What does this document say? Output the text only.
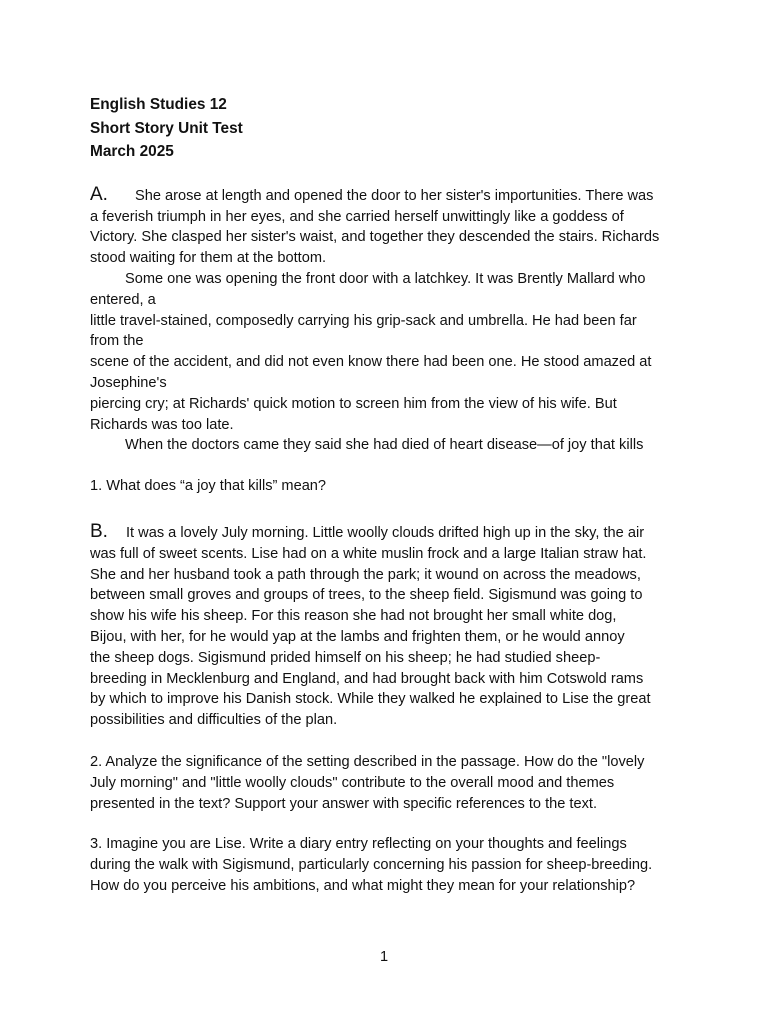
English Studies 12
Short Story Unit Test
March 2025
A. She arose at length and opened the door to her sister's importunities. There was
a feverish triumph in her eyes, and she carried herself unwittingly like a goddess of
Victory. She clasped her sister's waist, and together they descended the stairs. Richards
stood waiting for them at the bottom.
Some one was opening the front door with a latchkey. It was Brently Mallard who
entered, a
little travel-stained, composedly carrying his grip-sack and umbrella. He had been far
from the
scene of the accident, and did not even know there had been one. He stood amazed at
Josephine's
piercing cry; at Richards' quick motion to screen him from the view of his wife. But
Richards was too late.
When the doctors came they said she had died of heart disease—of joy that kills
1. What does “a joy that kills” mean?
B. It was a lovely July morning. Little woolly clouds drifted high up in the sky, the air
was full of sweet scents. Lise had on a white muslin frock and a large Italian straw hat.
She and her husband took a path through the park; it wound on across the meadows,
between small groves and groups of trees, to the sheep field. Sigismund was going to
show his wife his sheep. For this reason she had not brought her small white dog,
Bijou, with her, for he would yap at the lambs and frighten them, or he would annoy
the sheep dogs. Sigismund prided himself on his sheep; he had studied sheep-
breeding in Mecklenburg and England, and had brought back with him Cotswold rams
by which to improve his Danish stock. While they walked he explained to Lise the great
possibilities and difficulties of the plan.
2. Analyze the significance of the setting described in the passage. How do the "lovely
July morning" and "little woolly clouds" contribute to the overall mood and themes
presented in the text? Support your answer with specific references to the text.
3. Imagine you are Lise. Write a diary entry reflecting on your thoughts and feelings
during the walk with Sigismund, particularly concerning his passion for sheep-breeding.
How do you perceive his ambitions, and what might they mean for your relationship?
1
